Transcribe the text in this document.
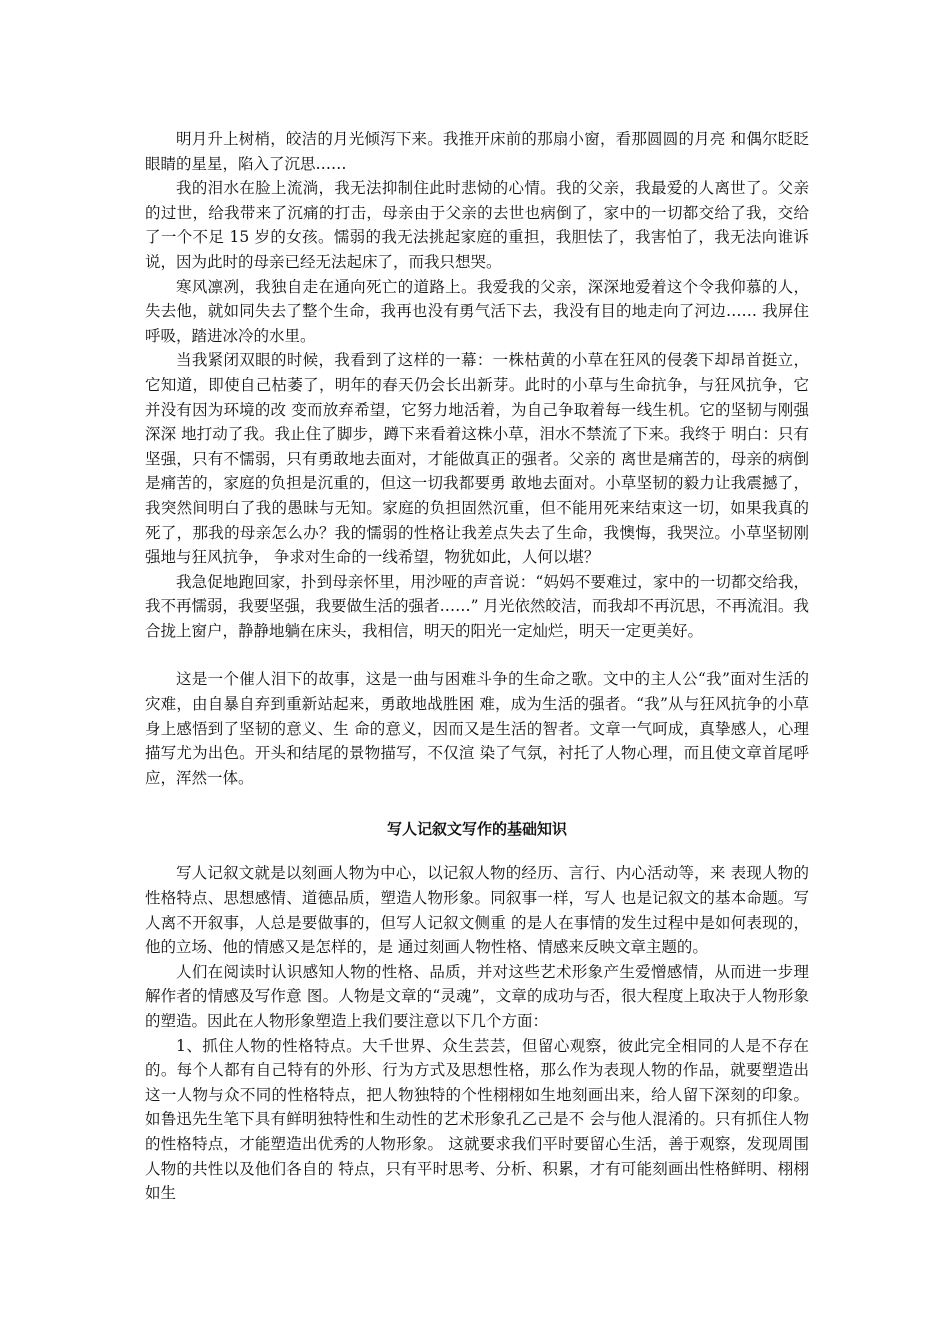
明月升上树梢，皎洁的月光倾泻下来。我推开床前的那扇小窗，看那圆圆的月亮 和偶尔眨眨眼睛的星星，陷入了沉思……

我的泪水在脸上流淌，我无法抑制住此时悲恸的心情。我的父亲，我最爱的人离世了。父亲的过世，给我带来了沉痛的打击，母亲由于父亲的去世也病倒了，家中的一切都交给了我，交给了一个不足 15 岁的女孩。懦弱的我无法挑起家庭的重担，我胆怯了，我害怕了，我无法向谁诉说，因为此时的母亲已经无法起床了，而我只想哭。

寒风凛冽，我独自走在通向死亡的道路上。我爱我的父亲，深深地爱着这个令我仰慕的人，失去他，就如同失去了整个生命，我再也没有勇气活下去，我没有目的地走向了河边…… 我屏住呼吸，踏进冰冷的水里。

当我紧闭双眼的时候，我看到了这样的一幕：一株枯黄的小草在狂风的侵袭下却昂首挺立，它知道，即使自己枯萎了，明年的春天仍会长出新芽。此时的小草与生命抗争，与狂风抗争，它并没有因为环境的改 变而放弃希望，它努力地活着，为自己争取着每一线生机。它的坚韧与刚强深深 地打动了我。我止住了脚步，蹲下来看着这株小草，泪水不禁流了下来。我终于 明白：只有坚强，只有不懦弱，只有勇敢地去面对，才能做真正的强者。父亲的 离世是痛苦的，母亲的病倒是痛苦的，家庭的负担是沉重的，但这一切我都要勇 敢地去面对。小草坚韧的毅力让我震撼了，我突然间明白了我的愚昧与无知。家庭的负担固然沉重，但不能用死来结束这一切，如果我真的死了，那我的母亲怎么办？我的懦弱的性格让我差点失去了生命，我懊悔，我哭泣。小草坚韧刚强地与狂风抗争， 争求对生命的一线希望，物犹如此，人何以堪？

我急促地跑回家，扑到母亲怀里，用沙哑的声音说：“妈妈不要难过，家中的一切都交给我，我不再懦弱，我要坚强，我要做生活的强者……” 月光依然皎洁，而我却不再沉思，不再流泪。我合拢上窗户，静静地躺在床头，我相信，明天的阳光一定灿烂，明天一定更美好。

这是一个催人泪下的故事，这是一曲与困难斗争的生命之歌。文中的主人公“我”面对生活的灾难，由自暴自弃到重新站起来，勇敢地战胜困 难，成为生活的强者。“我”从与狂风抗争的小草身上感悟到了坚韧的意义、生 命的意义，因而又是生活的智者。文章一气呵成，真挚感人，心理描写尤为出色。开头和结尾的景物描写，不仅渲 染了气氛，衬托了人物心理，而且使文章首尾呼应，浑然一体。

写人记叙文写作的基础知识

写人记叙文就是以刻画人物为中心，以记叙人物的经历、言行、内心活动等，来 表现人物的性格特点、思想感情、道德品质，塑造人物形象。同叙事一样，写人 也是记叙文的基本命题。写人离不开叙事，人总是要做事的，但写人记叙文侧重 的是人在事情的发生过程中是如何表现的，他的立场、他的情感又是怎样的，是 通过刻画人物性格、情感来反映文章主题的。

人们在阅读时认识感知人物的性格、品质，并对这些艺术形象产生爱憎感情，从而进一步理解作者的情感及写作意 图。人物是文章的“灵魂”，文章的成功与否，很大程度上取决于人物形象的塑造。因此在人物形象塑造上我们要注意以下几个方面：

1、抓住人物的性格特点。大千世界、众生芸芸，但留心观察，彼此完全相同的人是不存在的。每个人都有自己特有的外形、行为方式及思想性格，那么作为表现人物的作品，就要塑造出 这一人物与众不同的性格特点，把人物独特的个性栩栩如生地刻画出来，给人留下深刻的印象。如鲁迅先生笔下具有鲜明独特性和生动性的艺术形象孔乙己是不 会与他人混淆的。只有抓住人物的性格特点，才能塑造出优秀的人物形象。 这就要求我们平时要留心生活，善于观察，发现周围人物的共性以及他们各自的 特点，只有平时思考、分析、积累，才有可能刻画出性格鲜明、栩栩如生
